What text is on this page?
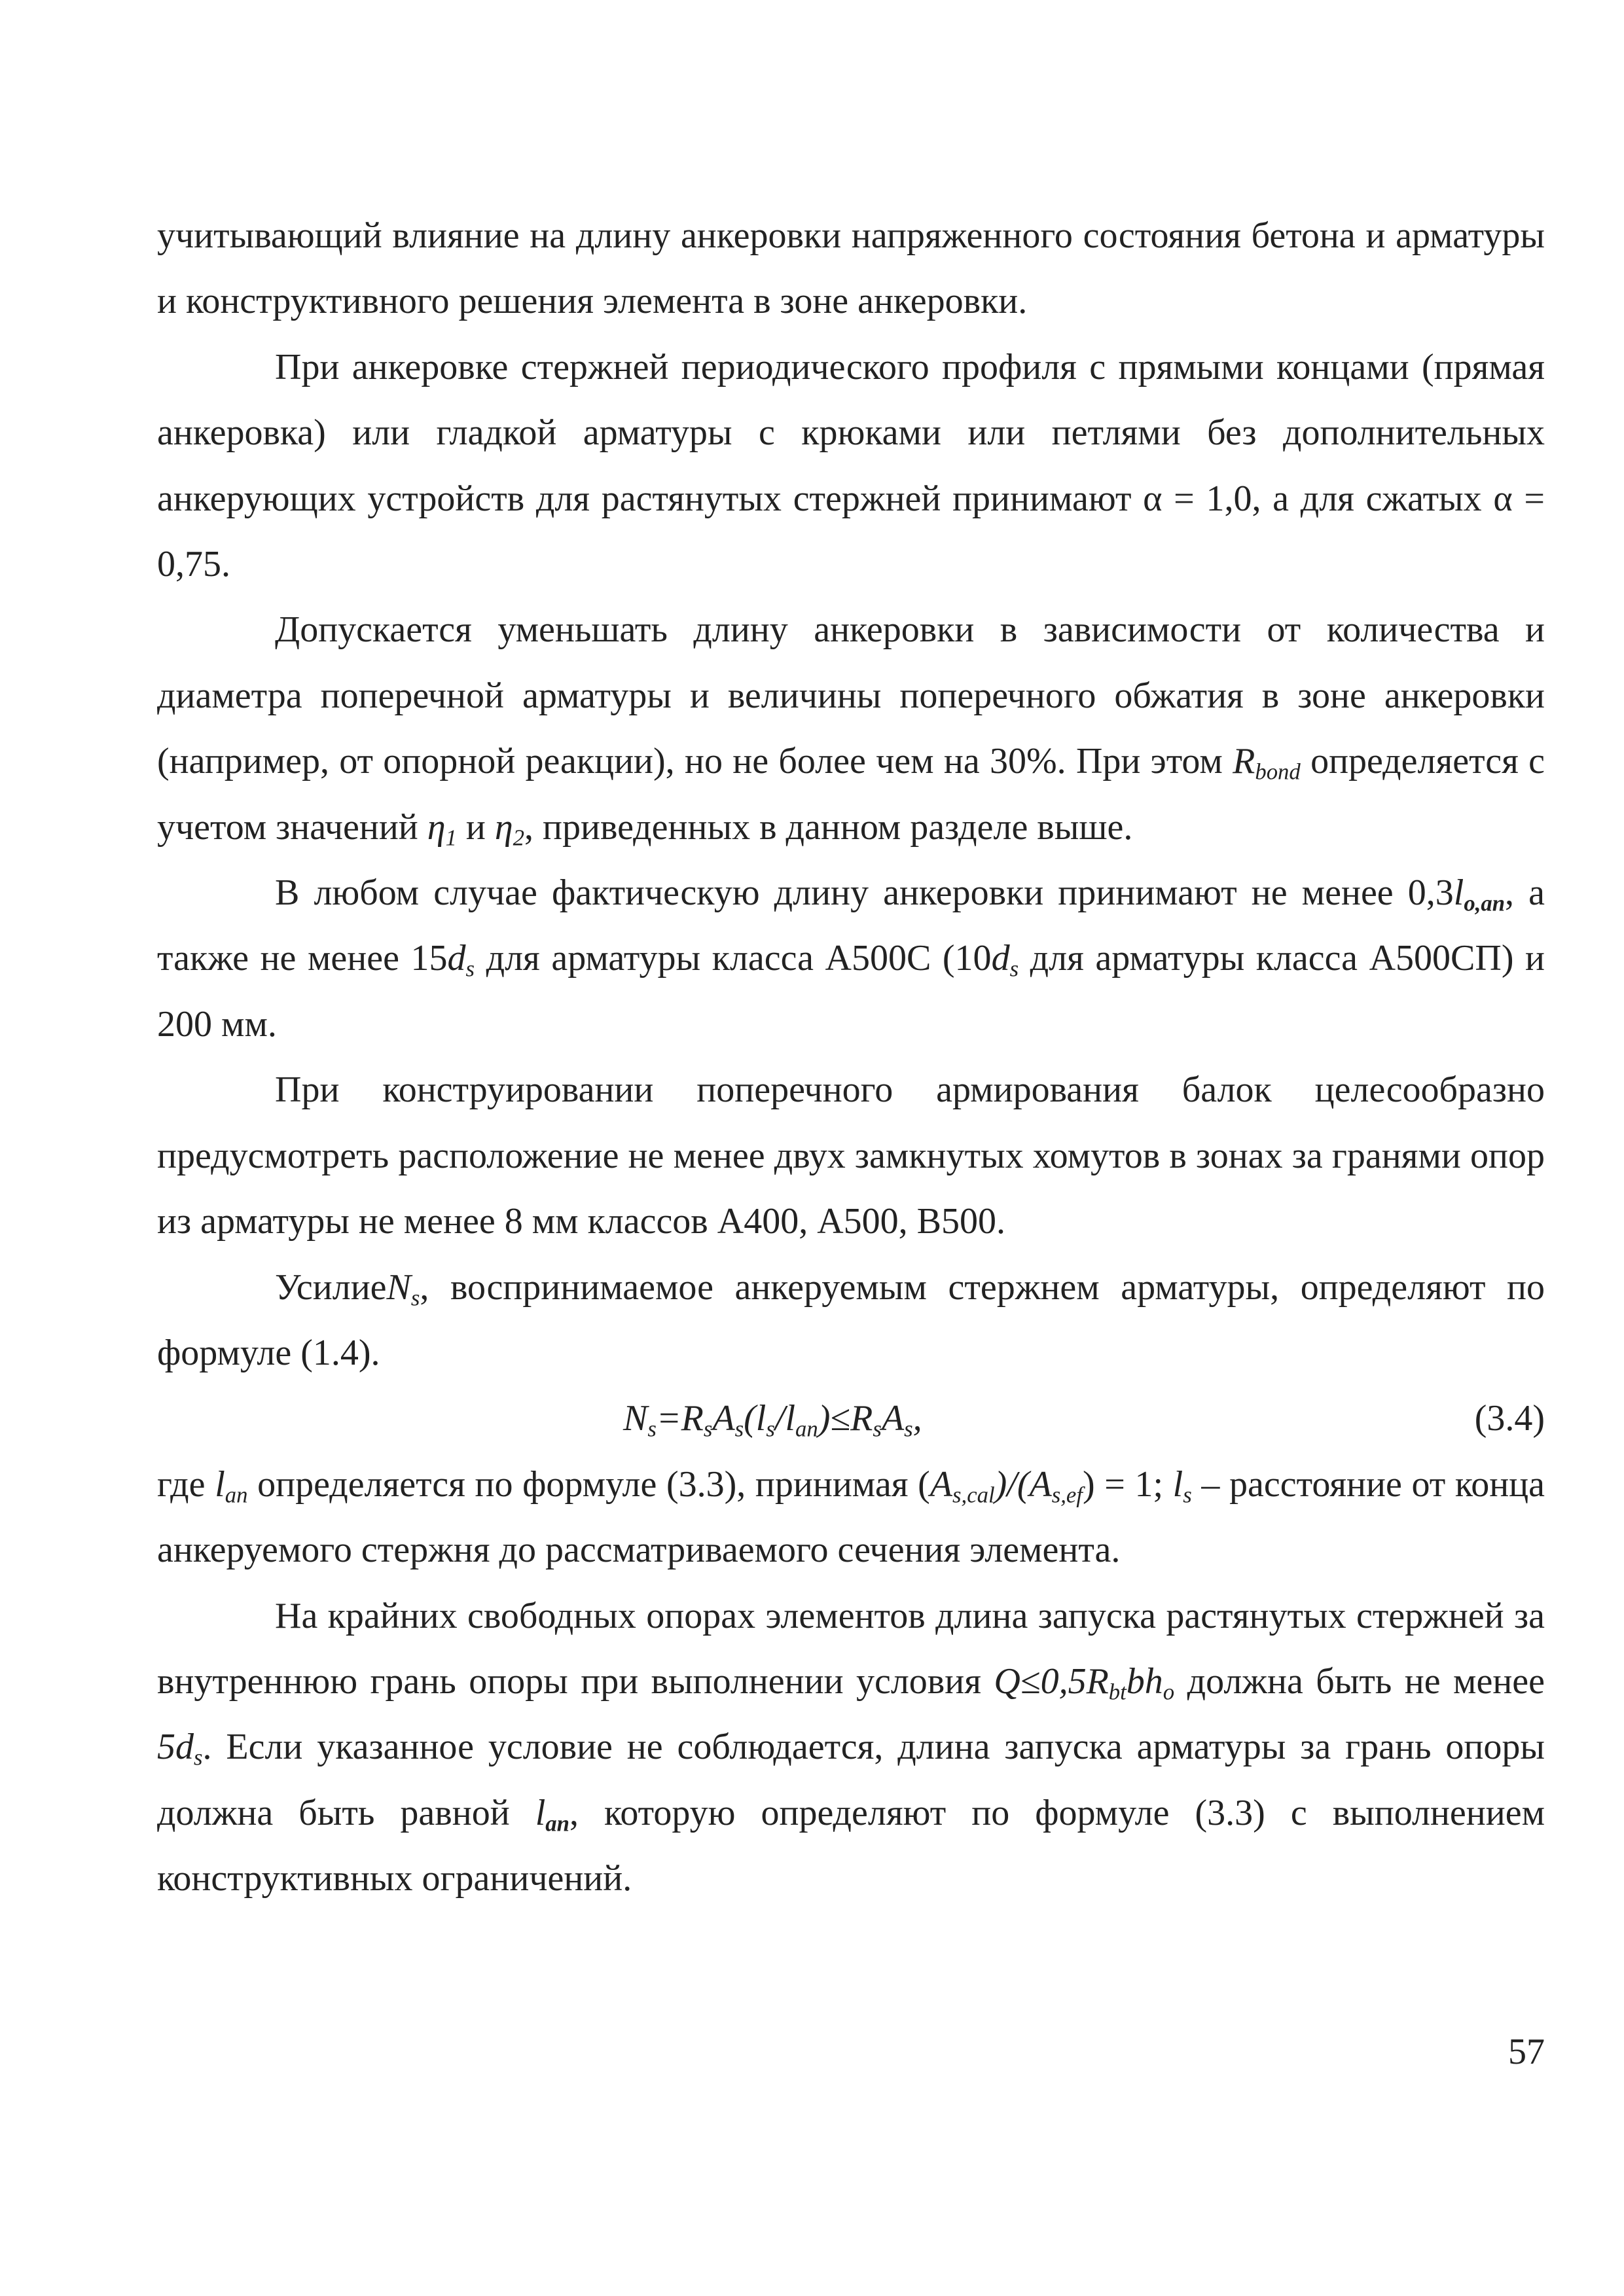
учитывающий влияние на длину анкеровки напряженного состояния бетона и арматуры и конструктивного решения элемента в зоне анкеровки.

При анкеровке стержней периодического профиля с прямыми концами (прямая анкеровка) или гладкой арматуры с крюками или петлями без дополнительных анкерующих устройств для растянутых стержней принимают α = 1,0, а для сжатых α = 0,75.

Допускается уменьшать длину анкеровки в зависимости от количества и диаметра поперечной арматуры и величины поперечного обжатия в зоне анкеровки (например, от опорной реакции), но не более чем на 30%. При этом $R_{bond}$ определяется с учетом значений $\eta_1$ и $\eta_2$, приведенных в данном разделе выше.

В любом случае фактическую длину анкеровки принимают не менее $0,3l_{o,an}$, а также не менее $15d_s$ для арматуры класса А500С ($10d_s$ для арматуры класса А500СП) и 200 мм.

При конструировании поперечного армирования балок целесообразно предусмотреть расположение не менее двух замкнутых хомутов в зонах за гранями опор из арматуры не менее 8 мм классов А400, А500, В500.

УсилиеN$_s$, воспринимаемое анкеруемым стержнем арматуры, определяют по формуле (1.4).

$N_s=R_sA_s(l_s/l_{an})\le R_sA_s$,	(3.4)

где $l_{an}$ определяется по формуле (3.3), принимая $(A_{s,cal})/(A_{s,ef}) = 1$; $l_s$ – расстояние от конца анкеруемого стержня до рассматриваемого сечения элемента.

На крайних свободных опорах элементов длина запуска растянутых стержней за внутреннюю грань опоры при выполнении условия $Q\le 0,5R_{bt}bh_o$ должна быть не менее $5d_s$. Если указанное условие не соблюдается, длина запуска арматуры за грань опоры должна быть равной $l_{an}$, которую определяют по формуле (3.3) с выполнением конструктивных ограничений.

57
